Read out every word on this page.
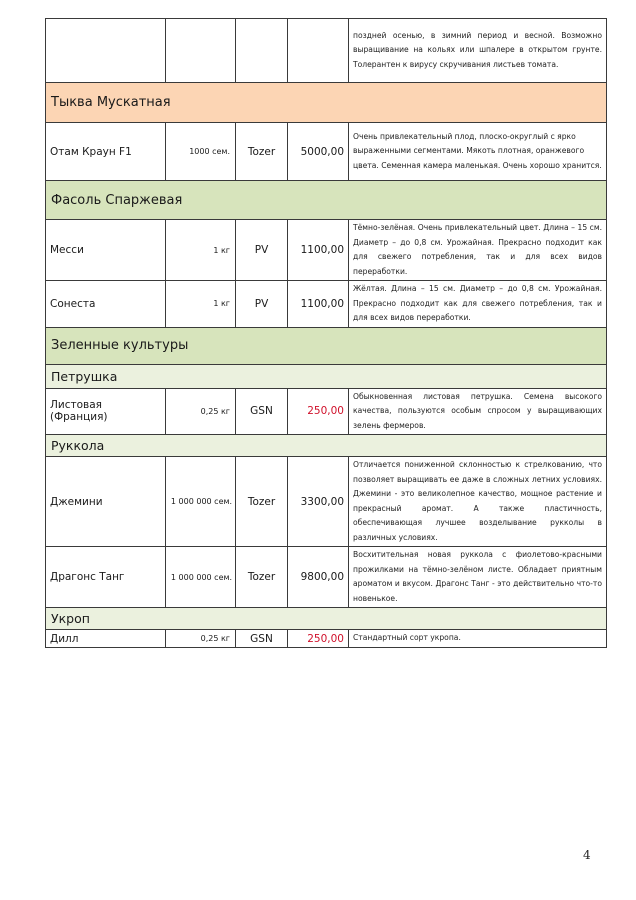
				поздней осенью, в зимний период и весной. Возможно выращивание на кольях или шпалере в открытом грунте. Толерантен к вирусу скручивания листьев томата.
Тыква Мускатная				
Отам Краун F1	1000 сем.	Tozer	5000,00	Очень привлекательный плод, плоско-округлый с ярко выраженными сегментами. Мякоть плотная, оранжевого цвета. Семенная камера маленькая. Очень хорошо хранится.
Фасоль Спаржевая				
Месси	1 кг	PV	1100,00	Тёмно-зелёная. Очень привлекательный цвет. Длина – 15 см. Диаметр – до 0,8 см. Урожайная. Прекрасно подходит как для свежего потребления, так и для всех видов переработки.
Сонеста	1 кг	PV	1100,00	Жёлтая. Длина – 15 см. Диаметр – до 0,8 см. Урожайная. Прекрасно подходит как для свежего потребления, так и для всех видов переработки.
Зеленные культуры				
Петрушка				
Листовая (Франция)	0,25 кг	GSN	250,00	Обыкновенная листовая петрушка. Семена высокого качества, пользуются особым спросом у выращивающих зелень фермеров.
Руккола				
Джемини	1 000 000 сем.	Tozer	3300,00	Отличается пониженной склонностью к стрелкованию, что позволяет выращивать ее даже в сложных летних условиях. Джемини - это великолепное качество, мощное растение и прекрасный аромат. А также пластичность, обеспечивающая лучшее возделывание рукколы в различных условиях.
Драгонс Танг	1 000 000 сем.	Tozer	9800,00	Восхитительная новая руккола с фиолетово-красными прожилками на тёмно-зелёном листе. Обладает приятным ароматом и вкусом. Драгонс Танг - это действительно что-то новенькое.
Укроп				
Дилл	0,25 кг	GSN	250,00	Стандартный сорт укропа.
4
